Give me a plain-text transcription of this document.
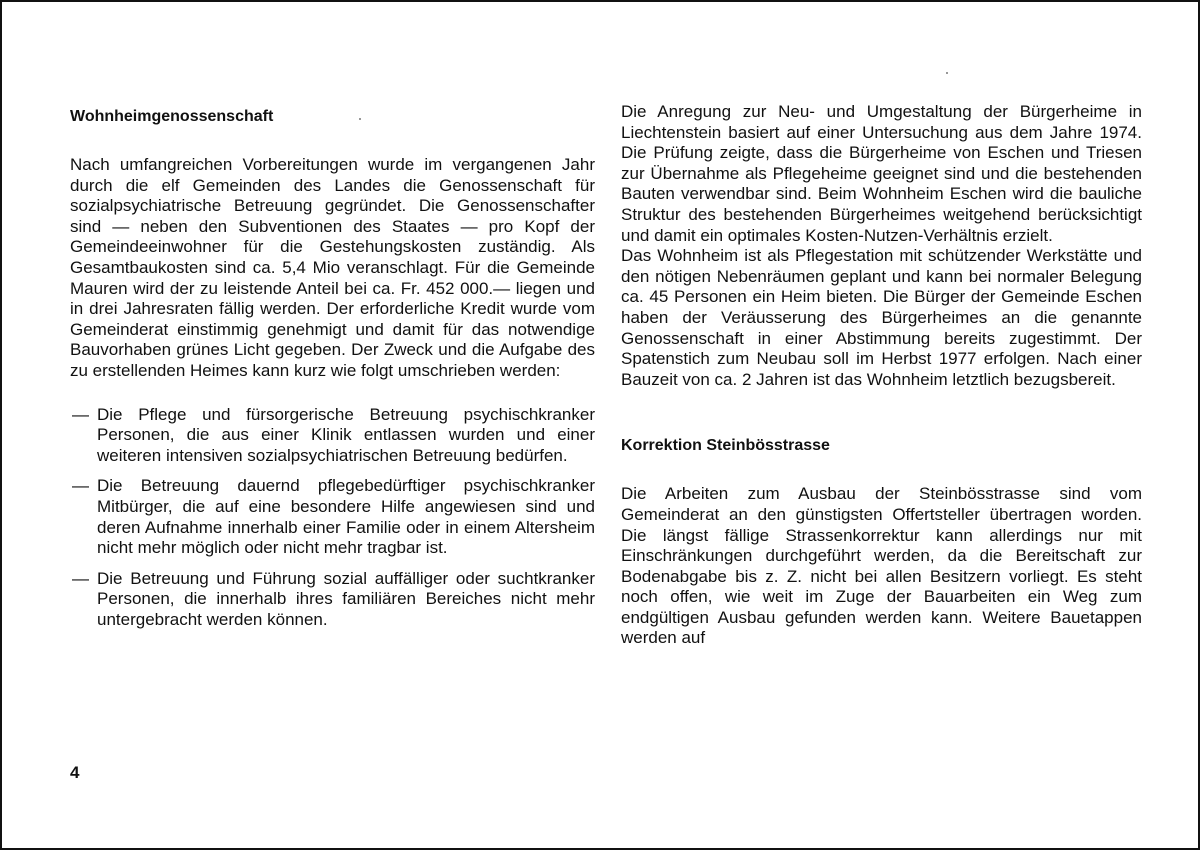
Wohnheimgenossenschaft

Nach umfangreichen Vorbereitungen wurde im vergangenen Jahr durch die elf Gemeinden des Landes die Genossenschaft für sozialpsychiatrische Betreuung gegründet. Die Genossenschafter sind — neben den Subventionen des Staates — pro Kopf der Gemeindeeinwohner für die Gestehungskosten zuständig. Als Gesamtbaukosten sind ca. 5,4 Mio veranschlagt. Für die Gemeinde Mauren wird der zu leistende Anteil bei ca. Fr. 452 000.— liegen und in drei Jahresraten fällig werden. Der erforderliche Kredit wurde vom Gemeinderat einstimmig genehmigt und damit für das notwendige Bauvorhaben grünes Licht gegeben. Der Zweck und die Aufgabe des zu erstellenden Heimes kann kurz wie folgt umschrieben werden:

— Die Pflege und fürsorgerische Betreuung psychischkranker Personen, die aus einer Klinik entlassen wurden und einer weiteren intensiven sozialpsychiatrischen Betreuung bedürfen.
— Die Betreuung dauernd pflegebedürftiger psychischkranker Mitbürger, die auf eine besondere Hilfe angewiesen sind und deren Aufnahme innerhalb einer Familie oder in einem Altersheim nicht mehr möglich oder nicht mehr tragbar ist.
— Die Betreuung und Führung sozial auffälliger oder suchtkranker Personen, die innerhalb ihres familiären Bereiches nicht mehr untergebracht werden können.

Die Anregung zur Neu- und Umgestaltung der Bürgerheime in Liechtenstein basiert auf einer Untersuchung aus dem Jahre 1974. Die Prüfung zeigte, dass die Bürgerheime von Eschen und Triesen zur Übernahme als Pflegeheime geeignet sind und die bestehenden Bauten verwendbar sind. Beim Wohnheim Eschen wird die bauliche Struktur des bestehenden Bürgerheimes weitgehend berücksichtigt und damit ein optimales Kosten-Nutzen-Verhältnis erzielt.

Das Wohnheim ist als Pflegestation mit schützender Werkstätte und den nötigen Nebenräumen geplant und kann bei normaler Belegung ca. 45 Personen ein Heim bieten. Die Bürger der Gemeinde Eschen haben der Veräusserung des Bürgerheimes an die genannte Genossenschaft in einer Abstimmung bereits zugestimmt. Der Spatenstich zum Neubau soll im Herbst 1977 erfolgen. Nach einer Bauzeit von ca. 2 Jahren ist das Wohnheim letztlich bezugsbereit.

Korrektion Steinbösstrasse

Die Arbeiten zum Ausbau der Steinbösstrasse sind vom Gemeinderat an den günstigsten Offertsteller übertragen worden. Die längst fällige Strassenkorrektur kann allerdings nur mit Einschränkungen durchgeführt werden, da die Bereitschaft zur Bodenabgabe bis z. Z. nicht bei allen Besitzern vorliegt. Es steht noch offen, wie weit im Zuge der Bauarbeiten ein Weg zum endgültigen Ausbau gefunden werden kann. Weitere Bauetappen werden auf

4
